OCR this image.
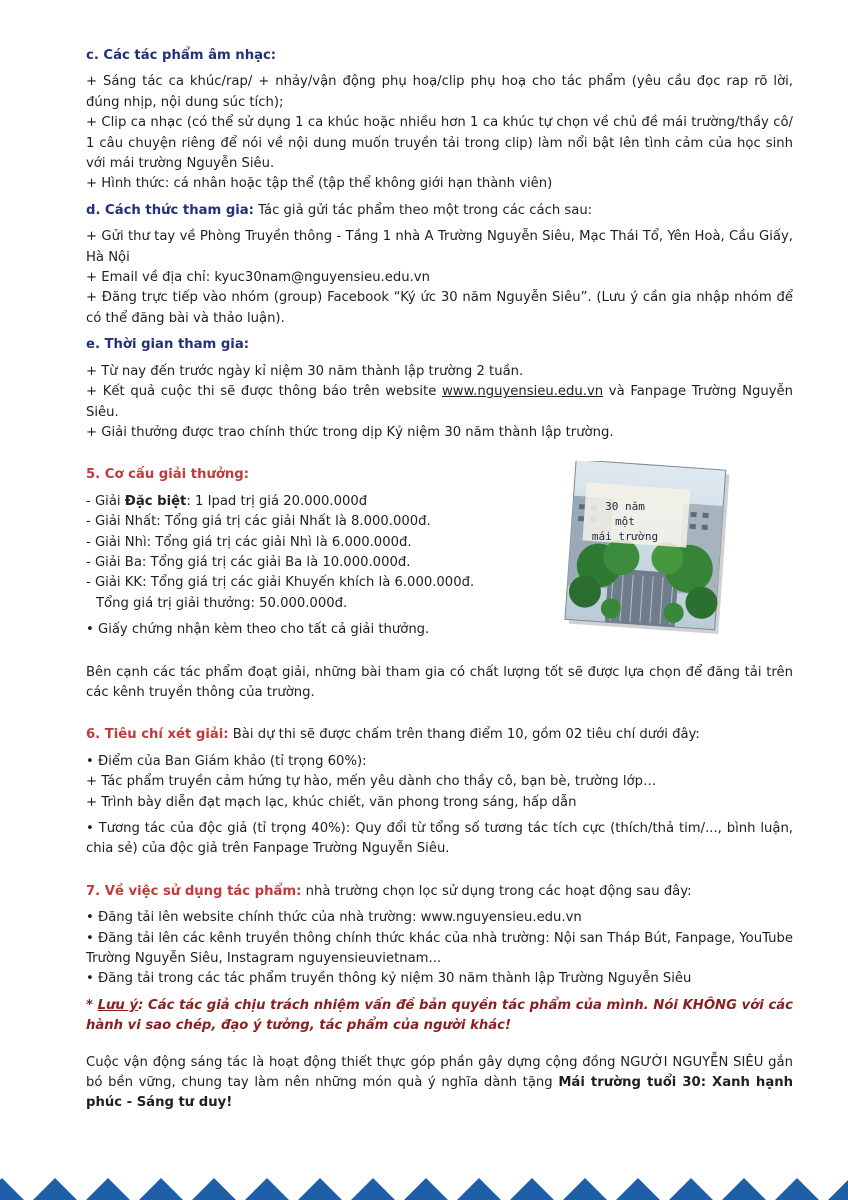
c. Các tác phẩm âm nhạc:
+ Sáng tác ca khúc/rap/ + nhảy/vận động phụ hoạ/clip phụ hoạ cho tác phẩm (yêu cầu đọc rap rõ lời, đúng nhịp, nội dung súc tích);
+ Clip ca nhạc (có thể sử dụng 1 ca khúc hoặc nhiều hơn 1 ca khúc tự chọn về chủ đề mái trường/thầy cô/ 1 câu chuyện riêng để nói về nội dung muốn truyền tải trong clip) làm nổi bật lên tình cảm của học sinh với mái trường Nguyễn Siêu.
+ Hình thức: cá nhân hoặc tập thể (tập thể không giới hạn thành viên)
d. Cách thức tham gia: Tác giả gửi tác phẩm theo một trong các cách sau:
+ Gửi thư tay về Phòng Truyền thông - Tầng 1 nhà A Trường Nguyễn Siêu, Mạc Thái Tổ, Yên Hoà, Cầu Giấy, Hà Nội
+ Email về địa chỉ: kyuc30nam@nguyensieu.edu.vn
+ Đăng trực tiếp vào nhóm (group) Facebook “Ký ức 30 năm Nguyễn Siêu”. (Lưu ý cần gia nhập nhóm để có thể đăng bài và thảo luận).
e. Thời gian tham gia:
+ Từ nay đến trước ngày kỉ niệm 30 năm thành lập trường 2 tuần.
+ Kết quả cuộc thi sẽ được thông báo trên website www.nguyensieu.edu.vn và Fanpage Trường Nguyễn Siêu.
+ Giải thưởng được trao chính thức trong dịp Kỷ niệm 30 năm thành lập trường.
5. Cơ cấu giải thưởng:
- Giải Đặc biệt: 1 Ipad trị giá 20.000.000đ
- Giải Nhất: Tổng giá trị các giải Nhất là 8.000.000đ.
- Giải Nhì: Tổng giá trị các giải Nhì là 6.000.000đ.
- Giải Ba: Tổng giá trị các giải Ba là 10.000.000đ.
- Giải KK: Tổng giá trị các giải Khuyến khích là 6.000.000đ.
Tổng giá trị giải thưởng: 50.000.000đ.
• Giấy chứng nhận kèm theo cho tất cả giải thưởng.
30 năm
một
mái trường
Bên cạnh các tác phẩm đoạt giải, những bài tham gia có chất lượng tốt sẽ được lựa chọn để đăng tải trên các kênh truyền thông của trường.
6. Tiêu chí xét giải: Bài dự thi sẽ được chấm trên thang điểm 10, gồm 02 tiêu chí dưới đây:
• Điểm của Ban Giám khảo (tỉ trọng 60%):
+ Tác phẩm truyền cảm hứng tự hào, mến yêu dành cho thầy cô, bạn bè, trường lớp…
+ Trình bày diễn đạt mạch lạc, khúc chiết, văn phong trong sáng, hấp dẫn
• Tương tác của độc giả (tỉ trọng 40%): Quy đổi từ tổng số tương tác tích cực (thích/thả tim/..., bình luận, chia sẻ) của độc giả trên Fanpage Trường Nguyễn Siêu.
7. Về việc sử dụng tác phẩm: nhà trường chọn lọc sử dụng trong các hoạt động sau đây:
• Đăng tải lên website chính thức của nhà trường: www.nguyensieu.edu.vn
• Đăng tải lên các kênh truyền thông chính thức khác của nhà trường: Nội san Tháp Bút, Fanpage, YouTube Trường Nguyễn Siêu, Instagram nguyensieuvietnam...
• Đăng tải trong các tác phẩm truyền thông kỷ niệm 30 năm thành lập Trường Nguyễn Siêu
* Lưu ý: Các tác giả chịu trách nhiệm vấn đề bản quyền tác phẩm của mình. Nói KHÔNG với các hành vi sao chép, đạo ý tưởng, tác phẩm của người khác!
Cuộc vận động sáng tác là hoạt động thiết thực góp phần gây dựng cộng đồng NGƯỜI NGUYỄN SIÊU gắn bó bền vững, chung tay làm nên những món quà ý nghĩa dành tặng Mái trường tuổi 30: Xanh hạnh phúc - Sáng tư duy!
